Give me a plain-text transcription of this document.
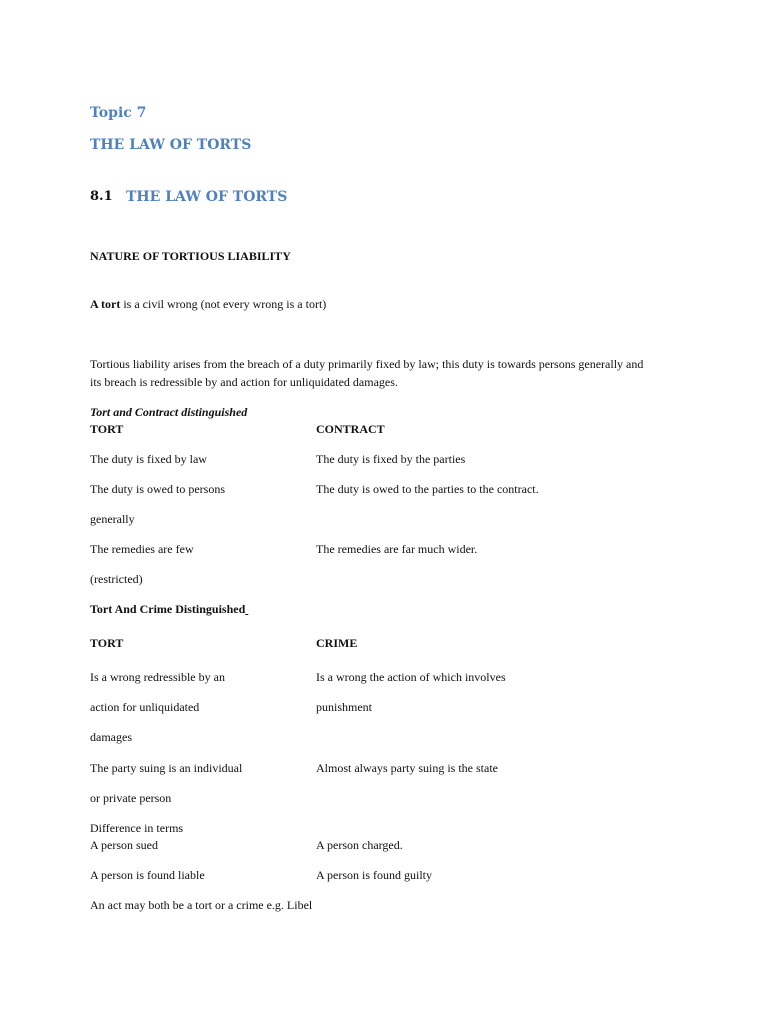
Topic 7
THE LAW OF TORTS
8.1 THE LAW OF TORTS
NATURE OF TORTIOUS LIABILITY
A tort is a civil wrong (not every wrong is a tort)
Tortious liability arises from the breach of a duty primarily fixed by law; this duty is towards persons generally and
its breach is redressible by and action for unliquidated damages.
Tort and Contract distinguished
TORT	CONTRACT
The duty is fixed by law	The duty is fixed by the parties
The duty is owed to persons	The duty is owed to the parties to the contract.
generally
The remedies are few	The remedies are far much wider.
(restricted)
Tort And Crime Distinguished
TORT	CRIME
Is a wrong redressible by an	Is a wrong the action of which involves
action for unliquidated	punishment
damages
The party suing is an individual	Almost always party suing is the state
or private person
Difference in terms
A person sued	A person charged.
A person is found liable	A person is found guilty
An act may both be a tort or a crime e.g. Libel
